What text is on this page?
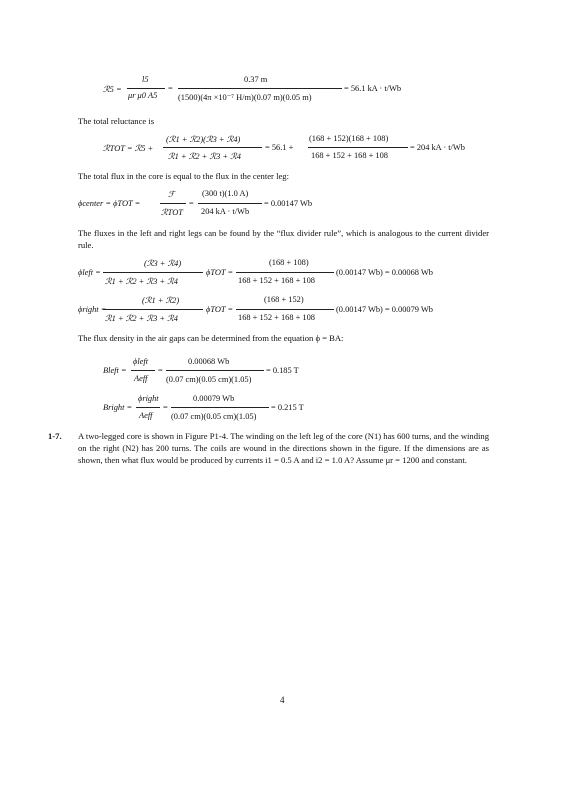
ℛ5 =
l5
μr μ0 A5
=
0.37 m
(1500)(4π ×10⁻⁷ H/m)(0.07 m)(0.05 m)
= 56.1 kA · t/Wb
The total reluctance is
ℛTOT = ℛ5 +
(ℛ1 + ℛ2)(ℛ3 + ℛ4)
ℛ1 + ℛ2 + ℛ3 + ℛ4
= 56.1 +
(168 + 152)(168 + 108)
168 + 152 + 168 + 108
= 204 kA · t/Wb
The total flux in the core is equal to the flux in the center leg:
ϕcenter = ϕTOT =
ℱ
ℛTOT
=
(300 t)(1.0 A)
204 kA · t/Wb
= 0.00147 Wb
The fluxes in the left and right legs can be found by the “flux divider rule”, which is analogous to the current divider rule.
ϕleft =
(ℛ3 + ℛ4)
ℛ1 + ℛ2 + ℛ3 + ℛ4
ϕTOT =
(168 + 108)
168 + 152 + 168 + 108
(0.00147 Wb) = 0.00068 Wb
ϕright =
(ℛ1 + ℛ2)
ℛ1 + ℛ2 + ℛ3 + ℛ4
ϕTOT =
(168 + 152)
168 + 152 + 168 + 108
(0.00147 Wb) = 0.00079 Wb
The flux density in the air gaps can be determined from the equation ϕ = BA:
Bleft =
ϕleft
Aeff
=
0.00068 Wb
(0.07 cm)(0.05 cm)(1.05)
= 0.185 T
Bright =
ϕright
Aeff
=
0.00079 Wb
(0.07 cm)(0.05 cm)(1.05)
= 0.215 T
1-7. A two-legged core is shown in Figure P1-4. The winding on the left leg of the core (N1) has 600 turns, and the winding on the right (N2) has 200 turns. The coils are wound in the directions shown in the figure. If the dimensions are as shown, then what flux would be produced by currents i1 = 0.5 A and i2 = 1.0 A? Assume μr = 1200 and constant.
4
